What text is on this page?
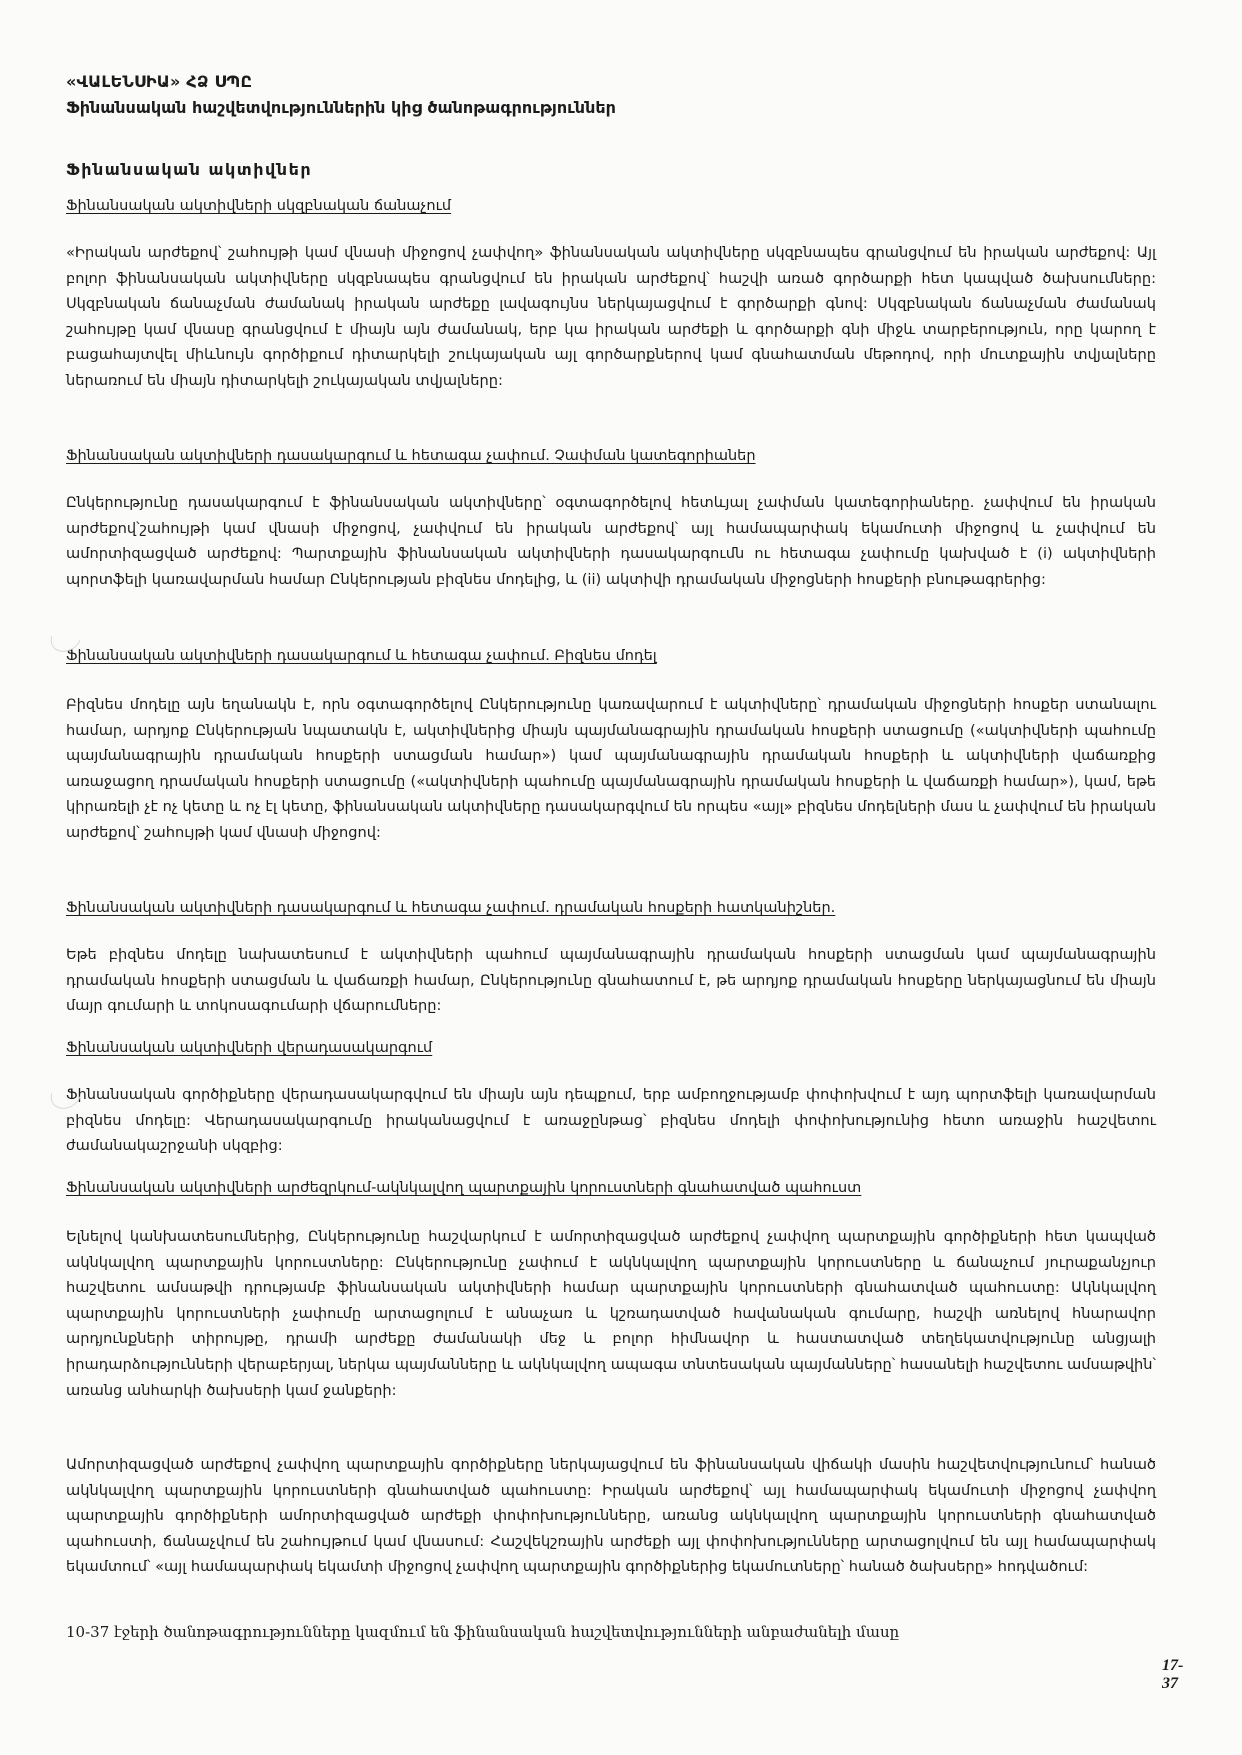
«ՎԱԼԵՆՍԻԱ» ՀՁ ՍՊԸ
Ֆինանսական հաշվետվություններին կից ծանոթագրություններ
Ֆինանսական ակտիվներ
Ֆինանսական ակտիվների սկզբնական ճանաչում
«Իրական արժեքով՝ շահույթի կամ վնասի միջոցով չափվող» ֆինանսական ակտիվները սկզբնապես գրանցվում են իրական արժեքով: Այլ բոլոր ֆինանսական ակտիվները սկզբնապես գրանցվում են իրական արժեքով՝ հաշվի առած գործարքի հետ կապված ծախսումները: Սկզբնական ճանաչման ժամանակ իրական արժեքը լավագույնս ներկայացվում է գործարքի գնով: Սկզբնական ճանաչման ժամանակ շահույթը կամ վնասը գրանցվում է միայն այն ժամանակ, երբ կա իրական արժեքի և գործարքի գնի միջև տարբերություն, որը կարող է բացահայտվել միևնույն գործիքում դիտարկելի շուկայական այլ գործարքներով կամ գնահատման մեթոդով, որի մուտքային տվյալները ներառում են միայն դիտարկելի շուկայական տվյալները:
Ֆինանսական ակտիվների դասակարգում և հետագա չափում. Չափման կատեգորիաներ
Ընկերությունը դասակարգում է ֆինանսական ակտիվները՝ օգտագործելով հետևյալ չափման կատեգորիաները. չափվում են իրական արժեքով՝շահույթի կամ վնասի միջոցով, չափվում են իրական արժեքով՝ այլ համապարփակ եկամուտի միջոցով և չափվում են ամորտիզացված արժեքով: Պարտքային ֆինանսական ակտիվների դասակարգումն ու հետագա չափումը կախված է (i) ակտիվների պորտֆելի կառավարման համար Ընկերության բիզնես մոդելից, և (ii) ակտիվի դրամական միջոցների հոսքերի բնութագրերից:
Ֆինանսական ակտիվների դասակարգում և հետագա չափում. Բիզնես մոդել
Բիզնես մոդելը այն եղանակն է, որն օգտագործելով Ընկերությունը կառավարում է ակտիվները՝ դրամական միջոցների հոսքեր ստանալու համար, արդյոք Ընկերության նպատակն է, ակտիվներից միայն պայմանագրային դրամական հոսքերի ստացումը («ակտիվների պահումը պայմանագրային դրամական հոսքերի ստացման համար») կամ պայմանագրային դրամական հոսքերի և ակտիվների վաճառքից առաջացող դրամական հոսքերի ստացումը («ակտիվների պահումը պայմանագրային դրամական հոսքերի և վաճառքի համար»), կամ, եթե կիրառելի չէ ոչ կետը և ոչ էլ կետը, ֆինանսական ակտիվները դասակարգվում են որպես «այլ» բիզնես մոդելների մաս և չափվում են իրական արժեքով՝ շահույթի կամ վնասի միջոցով:
Ֆինանսական ակտիվների դասակարգում և հետագա չափում. դրամական հոսքերի հատկանիշներ.
Եթե բիզնես մոդելը նախատեսում է ակտիվների պահում պայմանագրային դրամական հոսքերի ստացման կամ պայմանագրային դրամական հոսքերի ստացման և վաճառքի համար, Ընկերությունը գնահատում է, թե արդյոք դրամական հոսքերը ներկայացնում են միայն մայր գումարի և տոկոսագումարի վճարումները:
Ֆինանսական ակտիվների վերադասակարգում
Ֆինանսական գործիքները վերադասակարգվում են միայն այն դեպքում, երբ ամբողջությամբ փոփոխվում է այդ պորտֆելի կառավարման բիզնես մոդելը: Վերադասակարգումը իրականացվում է առաջընթաց՝ բիզնես մոդելի փոփոխությունից հետո առաջին հաշվետու ժամանակաշրջանի սկզբից:
Ֆինանսական ակտիվների արժեզրկում-ակնկալվող պարտքային կորուստների գնահատված պահուստ
Ելնելով կանխատեսումներից, Ընկերությունը հաշվարկում է ամորտիզացված արժեքով չափվող պարտքային գործիքների հետ կապված ակնկալվող պարտքային կորուստները: Ընկերությունը չափում է ակնկալվող պարտքային կորուստները և ճանաչում յուրաքանչյուր հաշվետու ամսաթվի դրությամբ ֆինանսական ակտիվների համար պարտքային կորուստների գնահատված պահուստը: Ակնկալվող պարտքային կորուստների չափումը արտացոլում է անաչառ և կշռադատված հավանական գումարը, հաշվի առնելով հնարավոր արդյունքների տիրույթը, դրամի արժեքը ժամանակի մեջ և բոլոր հիմնավոր և հաստատված տեղեկատվությունը անցյալի իրադարձությունների վերաբերյալ, ներկա պայմանները և ակնկալվող ապագա տնտեսական պայմանները՝ հասանելի հաշվետու ամսաթվին՝ առանց անհարկի ծախսերի կամ ջանքերի:
Ամորտիզացված արժեքով չափվող պարտքային գործիքները ներկայացվում են ֆինանսական վիճակի մասին հաշվետվությունում՝ հանած ակնկալվող պարտքային կորուստների գնահատված պահուստը: Իրական արժեքով՝ այլ համապարփակ եկամուտի միջոցով չափվող պարտքային գործիքների ամորտիզացված արժեքի փոփոխությունները, առանց ակնկալվող պարտքային կորուստների գնահատված պահուստի, ճանաչվում են շահույթում կամ վնասում: Հաշվեկշռային արժեքի այլ փոփոխությունները արտացոլվում են այլ համապարփակ եկամտում՝ «այլ համապարփակ եկամտի միջոցով չափվող պարտքային գործիքներից եկամուտները՝ հանած ծախսերը» հոդվածում:
10-37 էջերի ծանոթագրությունները կազմում են ֆինանսական հաշվետվությունների անբաժանելի մասը
17- 37
